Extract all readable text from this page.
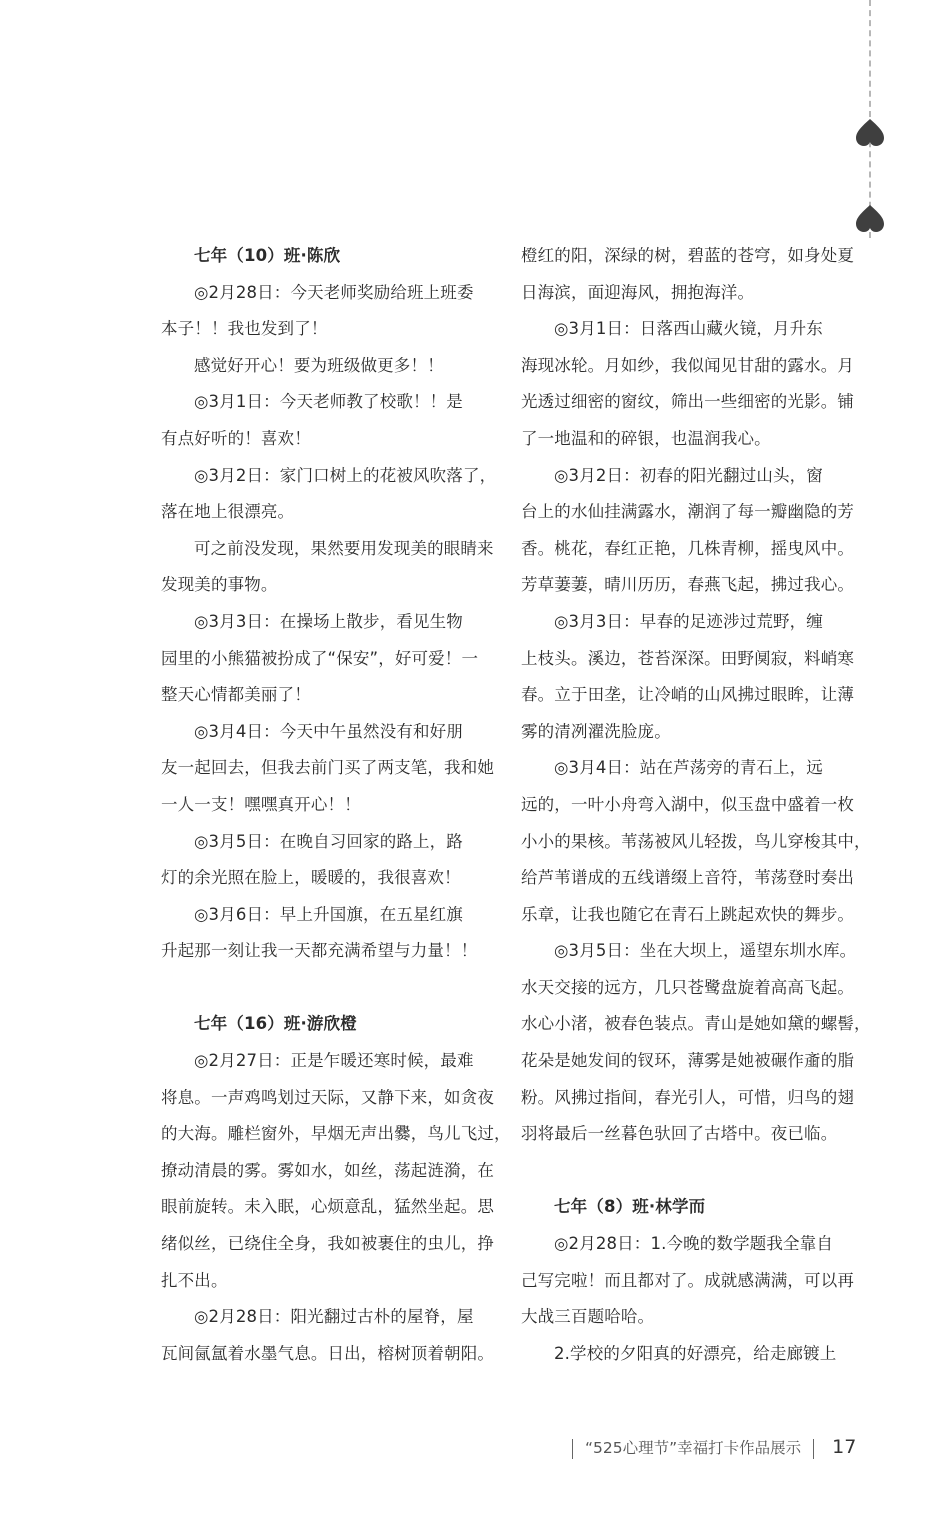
七年（10）班·陈欣
◎2月28日：今天老师奖励给班上班委
本子！！我也发到了！
感觉好开心！要为班级做更多！！
◎3月1日：今天老师教了校歌！！是
有点好听的！喜欢！
◎3月2日：家门口树上的花被风吹落了，
落在地上很漂亮。
可之前没发现，果然要用发现美的眼睛来
发现美的事物。
◎3月3日：在操场上散步，看见生物
园里的小熊猫被扮成了“保安”，好可爱！一
整天心情都美丽了！
◎3月4日：今天中午虽然没有和好朋
友一起回去，但我去前门买了两支笔，我和她
一人一支！嘿嘿真开心！！
◎3月5日：在晚自习回家的路上，路
灯的余光照在脸上，暖暖的，我很喜欢！
◎3月6日：早上升国旗，在五星红旗
升起那一刻让我一天都充满希望与力量！！
七年（16）班·游欣橙
◎2月27日：正是乍暖还寒时候，最难
将息。一声鸡鸣划过天际，又静下来，如贪夜
的大海。雕栏窗外，早烟无声出爨，鸟儿飞过，
撩动清晨的雾。雾如水，如丝，荡起涟漪，在
眼前旋转。未入眠，心烦意乱，猛然坐起。思
绪似丝，已绕住全身，我如被裹住的虫儿，挣
扎不出。
◎2月28日：阳光翻过古朴的屋脊，屋
瓦间氤氲着水墨气息。日出，榕树顶着朝阳。
橙红的阳，深绿的树，碧蓝的苍穹，如身处夏
日海滨，面迎海风，拥抱海洋。
◎3月1日：日落西山藏火镜，月升东
海现冰轮。月如纱，我似闻见甘甜的露水。月
光透过细密的窗纹，筛出一些细密的光影。铺
了一地温和的碎银，也温润我心。
◎3月2日：初春的阳光翻过山头，窗
台上的水仙挂满露水，潮润了每一瓣幽隐的芳
香。桃花，春红正艳，几株青柳，摇曳风中。
芳草萋萋，晴川历历，春燕飞起，拂过我心。
◎3月3日：早春的足迹涉过荒野，缠
上枝头。溪边，苍苔深深。田野阒寂，料峭寒
春。立于田垄，让冷峭的山风拂过眼眸，让薄
雾的清冽濯洗脸庞。
◎3月4日：站在芦荡旁的青石上，远
远的，一叶小舟弯入湖中，似玉盘中盛着一枚
小小的果核。苇荡被风儿轻拨，鸟儿穿梭其中，
给芦苇谱成的五线谱缀上音符，苇荡登时奏出
乐章，让我也随它在青石上跳起欢快的舞步。
◎3月5日：坐在大坝上，遥望东圳水库。
水天交接的远方，几只苍鹭盘旋着高高飞起。
水心小渚，被春色装点。青山是她如黛的螺髻，
花朵是她发间的钗环，薄雾是她被碾作齑的脂
粉。风拂过指间，春光引人，可惜，归鸟的翅
羽将最后一丝暮色驮回了古塔中。夜已临。
七年（8）班·林学而
◎2月28日：1.今晚的数学题我全靠自
己写完啦！而且都对了。成就感满满，可以再
大战三百题哈哈。
2.学校的夕阳真的好漂亮，给走廊镀上
“525心理节”幸福打卡作品展示 17
